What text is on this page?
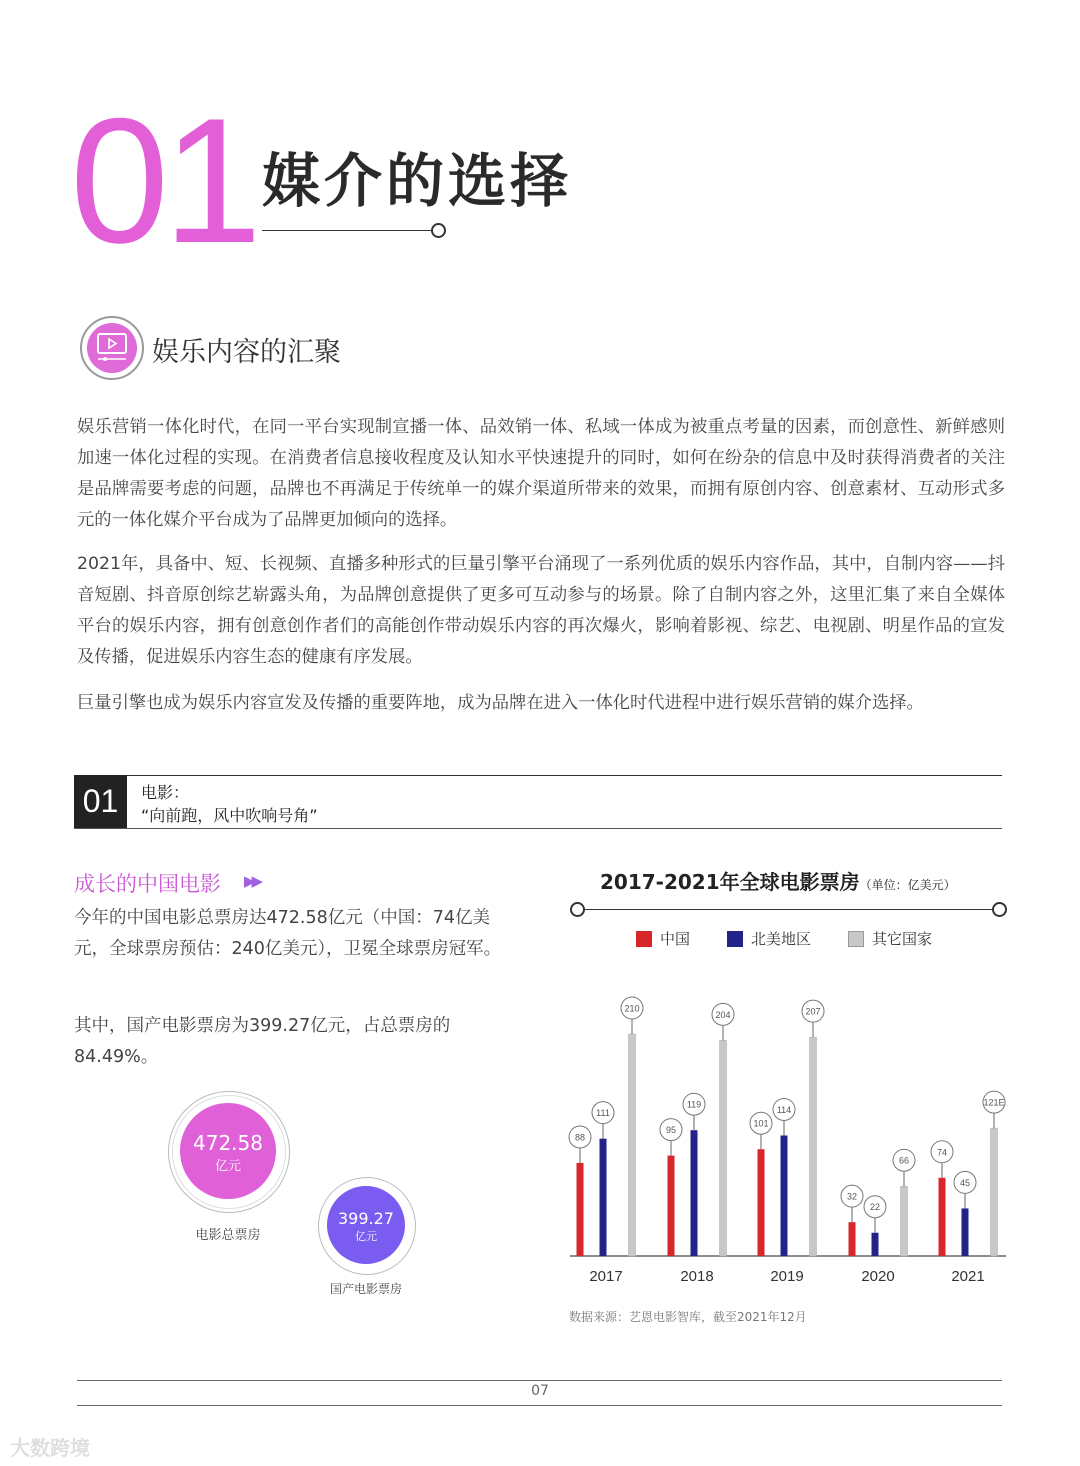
01 媒介的选择
娱乐内容的汇聚
娱乐营销一体化时代，在同一平台实现制宣播一体、品效销一体、私域一体成为被重点考量的因素，而创意性、新鲜感则加速一体化过程的实现。在消费者信息接收程度及认知水平快速提升的同时，如何在纷杂的信息中及时获得消费者的关注是品牌需要考虑的问题，品牌也不再满足于传统单一的媒介渠道所带来的效果，而拥有原创内容、创意素材、互动形式多元的一体化媒介平台成为了品牌更加倾向的选择。
2021年，具备中、短、长视频、直播多种形式的巨量引擎平台涌现了一系列优质的娱乐内容作品，其中，自制内容——抖音短剧、抖音原创综艺崭露头角，为品牌创意提供了更多可互动参与的场景。除了自制内容之外，这里汇集了来自全媒体平台的娱乐内容，拥有创意创作者们的高能创作带动娱乐内容的再次爆火，影响着影视、综艺、电视剧、明星作品的宣发及传播，促进娱乐内容生态的健康有序发展。
巨量引擎也成为娱乐内容宣发及传播的重要阵地，成为品牌在进入一体化时代进程中进行娱乐营销的媒介选择。
01	电影：
“向前跑，风中吹响号角”
成长的中国电影 ▶▶
今年的中国电影总票房达472.58亿元（中国：74亿美元，全球票房预估：240亿美元），卫冕全球票房冠军。
其中，国产电影票房为399.27亿元，占总票房的84.49%。
472.58
亿元
电影总票房
399.27
亿元
国产电影票房
2017-2021年全球电影票房（单位：亿美元）
中国	北美地区	其它国家
2017
88
111
210
2018
95
119
204
2019
101
114
207
2020
32
22
66
2021
74
45
121E
数据来源：艺恩电影智库，截至2021年12月
07
大数跨境
